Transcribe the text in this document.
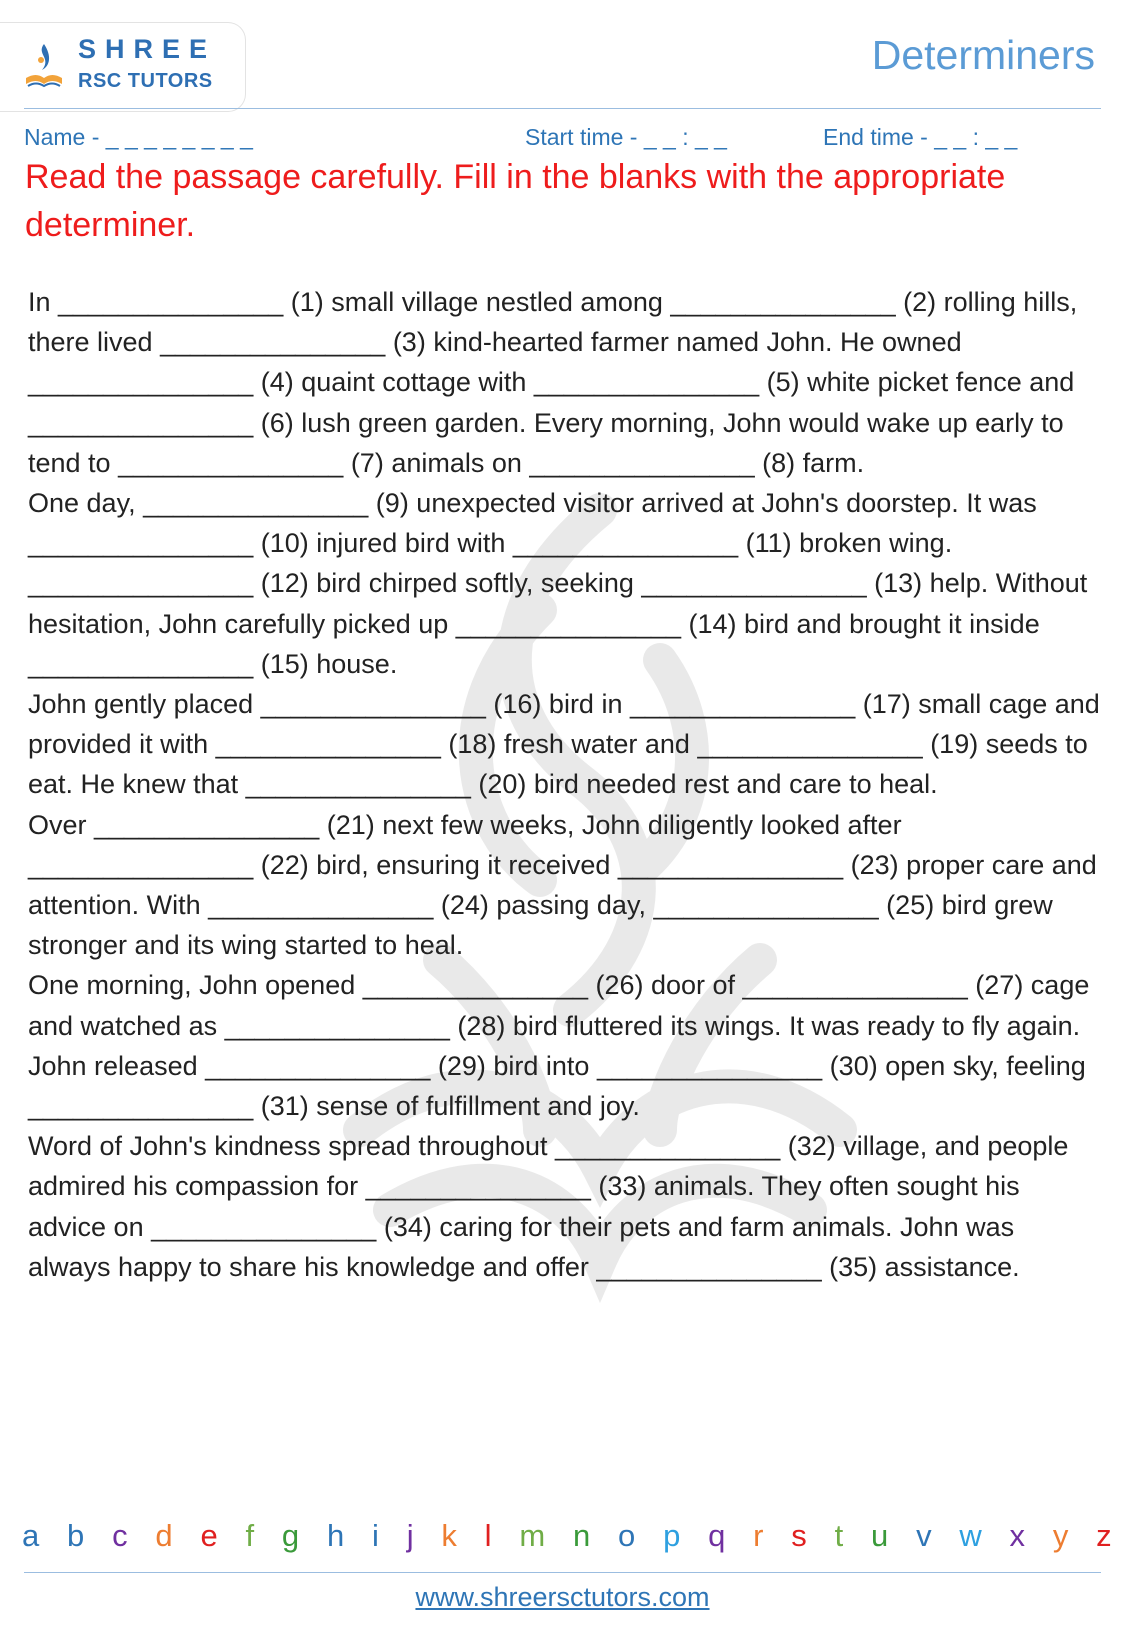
SHREE
RSC TUTORS
Determiners
Name - _ _ _ _ _ _ _ _	Start time - _ _ : _ _	End time - _ _ : _ _
Read the passage carefully. Fill in the blanks with the appropriate determiner.

In _______________ (1) small village nestled among _______________ (2) rolling hills, there lived _______________ (3) kind-hearted farmer named John. He owned _______________ (4) quaint cottage with _______________ (5) white picket fence and _______________ (6) lush green garden. Every morning, John would wake up early to tend to _______________ (7) animals on _______________ (8) farm.

One day, _______________ (9) unexpected visitor arrived at John's doorstep. It was _______________ (10) injured bird with _______________ (11) broken wing. _______________ (12) bird chirped softly, seeking _______________ (13) help. Without hesitation, John carefully picked up _______________ (14) bird and brought it inside _______________ (15) house.

John gently placed _______________ (16) bird in _______________ (17) small cage and provided it with _______________ (18) fresh water and _______________ (19) seeds to eat. He knew that _______________ (20) bird needed rest and care to heal.

Over _______________ (21) next few weeks, John diligently looked after _______________ (22) bird, ensuring it received _______________ (23) proper care and attention. With _______________ (24) passing day, _______________ (25) bird grew stronger and its wing started to heal.

One morning, John opened _______________ (26) door of _______________ (27) cage and watched as _______________ (28) bird fluttered its wings. It was ready to fly again. John released _______________ (29) bird into _______________ (30) open sky, feeling _______________ (31) sense of fulfillment and joy.

Word of John's kindness spread throughout _______________ (32) village, and people admired his compassion for _______________ (33) animals. They often sought his advice on _______________ (34) caring for their pets and farm animals. John was always happy to share his knowledge and offer _______________ (35) assistance.

a b c d e f g h i j k l m n o p q r s t u v w x y z
www.shreersctutors.com
